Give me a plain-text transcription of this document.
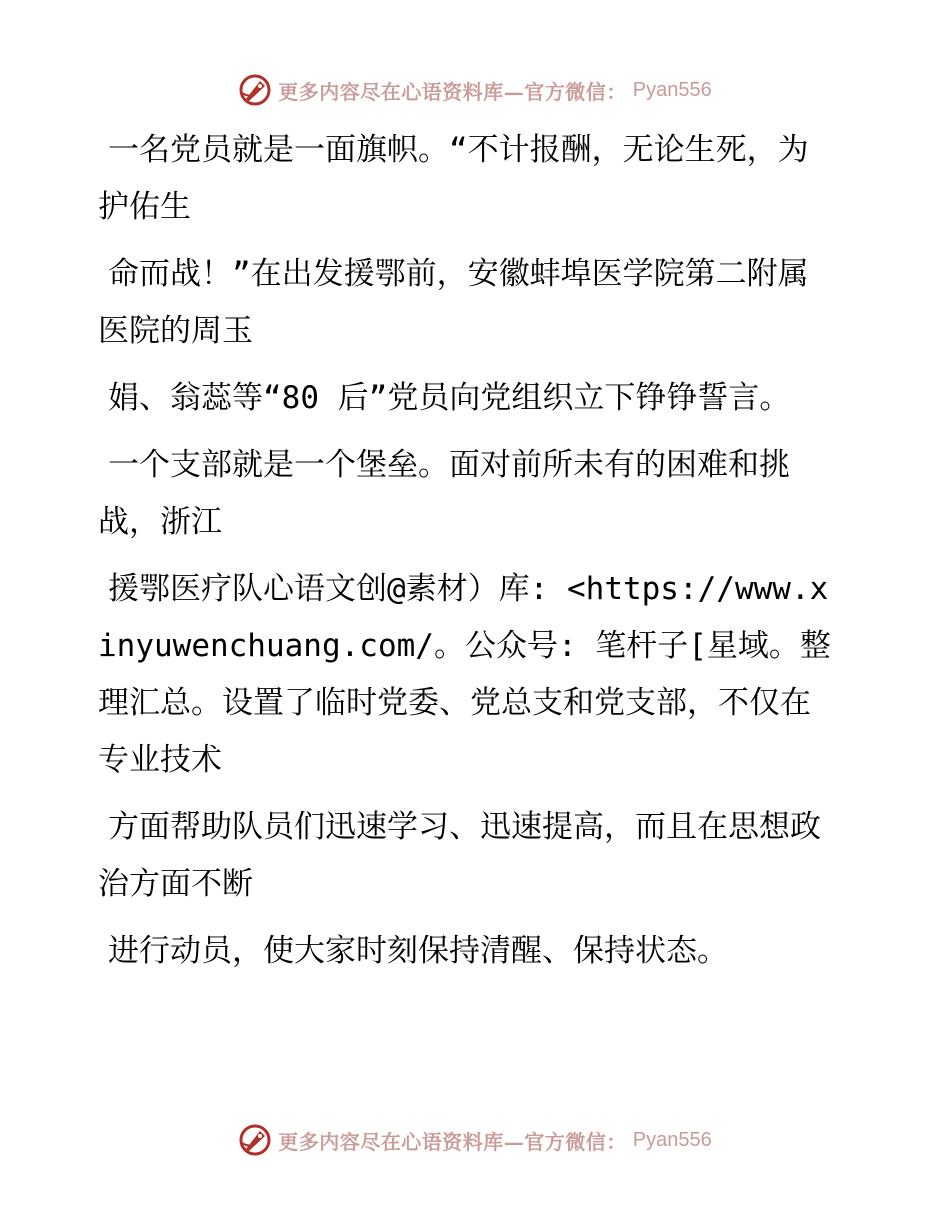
更多内容尽在心语资料库—官方微信： Pyan556

一名党员就是一面旗帜。“不计报酬，无论生死，为护佑生

命而战！”在出发援鄂前，安徽蚌埠医学院第二附属医院的周玉

娟、翁蕊等“80 后”党员向党组织立下铮铮誓言。

一个支部就是一个堡垒。面对前所未有的困难和挑战，浙江

援鄂医疗队心语文创@素材）库: <https://www.xinyuwenchuang.com/。公众号: 笔杆子[星域。整理汇总。设置了临时党委、党总支和党支部，不仅在专业技术

方面帮助队员们迅速学习、迅速提高，而且在思想政治方面不断

进行动员，使大家时刻保持清醒、保持状态。

更多内容尽在心语资料库—官方微信： Pyan556
